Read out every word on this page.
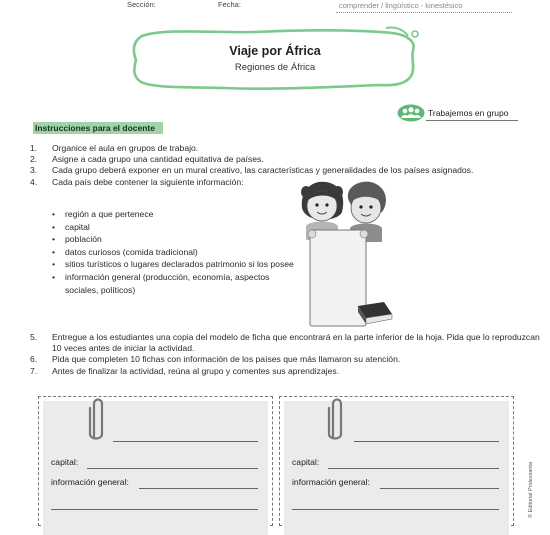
Sección:	Fecha:	comprender / lingüístico - kinestésico
Viaje por África
Regiones de África
Trabajemos en grupo
Instrucciones para el docente
1. Organice el aula en grupos de trabajo.
2. Asigne a cada grupo una cantidad equitativa de países.
3. Cada grupo deberá exponer en un mural creativo, las características y generalidades de los países asignados.
4. Cada país debe contener la siguiente información:
• región a que pertenece
• capital
• población
• datos curiosos (comida tradicional)
• sitios turísticos o lugares declarados patrimonio si los posee
• información general (producción, economía, aspectos sociales, políticos)
5. Entregue a los estudiantes una copia del modelo de ficha que encontrará en la parte inferior de la hoja. Pida que lo reproduzcan 10 veces antes de iniciar la actividad.
6. Pida que completen 10 fichas con información de los países que más llamaron su atención.
7. Antes de finalizar la actividad, reúna al grupo y comentes sus aprendizajes.
capital:
información general:
capital:
información general:	© Editorial Prolexsanta
